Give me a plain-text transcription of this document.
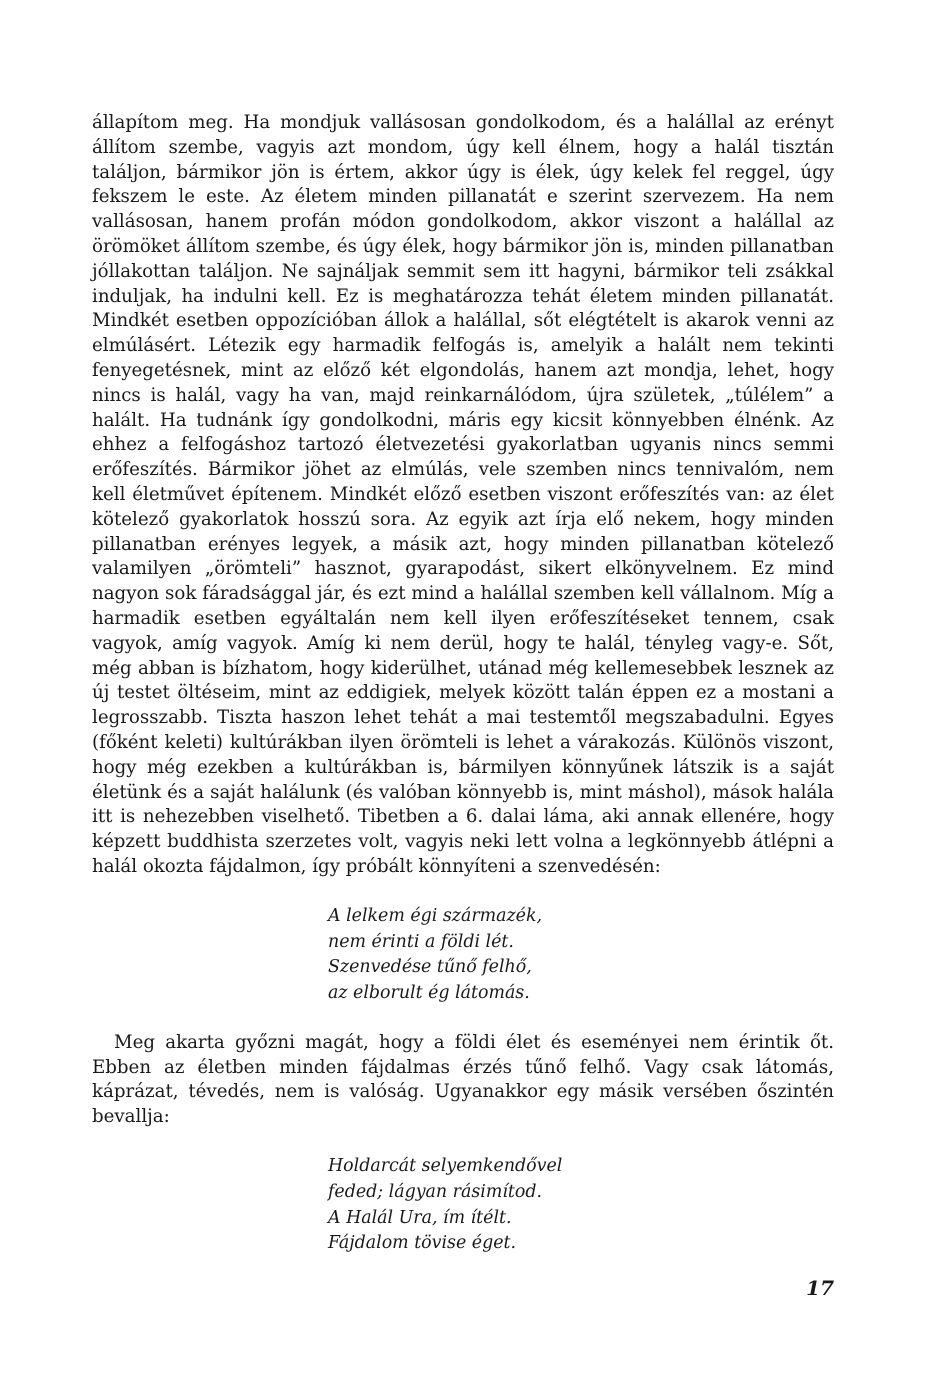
állapítom meg. Ha mondjuk vallásosan gondolkodom, és a halállal az erényt állítom szembe, vagyis azt mondom, úgy kell élnem, hogy a halál tisztán találjon, bármikor jön is értem, akkor úgy is élek, úgy kelek fel reggel, úgy fekszem le este. Az életem minden pillanatát e szerint szervezem. Ha nem vallásosan, hanem profán módon gondolkodom, akkor viszont a halállal az örömöket állítom szembe, és úgy élek, hogy bármikor jön is, minden pillanatban jóllakottan találjon. Ne sajnáljak semmit sem itt hagyni, bármikor teli zsákkal induljak, ha indulni kell. Ez is meghatározza tehát életem minden pillanatát. Mindkét esetben oppozícióban állok a halállal, sőt elégtételt is akarok venni az elmúlásért. Létezik egy harmadik felfogás is, amelyik a halált nem tekinti fenyegetésnek, mint az előző két elgondolás, hanem azt mondja, lehet, hogy nincs is halál, vagy ha van, majd reinkarnálódom, újra születek, „túlélem” a halált. Ha tudnánk így gondolkodni, máris egy kicsit könnyebben élnénk. Az ehhez a felfogáshoz tartozó életvezetési gyakorlatban ugyanis nincs semmi erőfeszítés. Bármikor jöhet az elmúlás, vele szemben nincs tennivalóm, nem kell életművet építenem. Mindkét előző esetben viszont erőfeszítés van: az élet kötelező gyakorlatok hosszú sora. Az egyik azt írja elő nekem, hogy minden pillanatban erényes legyek, a másik azt, hogy minden pillanatban kötelező valamilyen „örömteli” hasznot, gyarapodást, sikert elkönyvelnem. Ez mind nagyon sok fáradsággal jár, és ezt mind a halállal szemben kell vállalnom. Míg a harmadik esetben egyáltalán nem kell ilyen erőfeszítéseket tennem, csak vagyok, amíg vagyok. Amíg ki nem derül, hogy te halál, tényleg vagy-e. Sőt, még abban is bízhatom, hogy kiderülhet, utánad még kellemesebbek lesznek az új testet öltéseim, mint az eddigiek, melyek között talán éppen ez a mostani a legrosszabb. Tiszta haszon lehet tehát a mai testemtől megszabadulni. Egyes (főként keleti) kultúrákban ilyen örömteli is lehet a várakozás. Különös viszont, hogy még ezekben a kultúrákban is, bármilyen könnyűnek látszik is a saját életünk és a saját halálunk (és valóban könnyebb is, mint máshol), mások halála itt is nehezebben viselhető. Tibetben a 6. dalai láma, aki annak ellenére, hogy képzett buddhista szerzetes volt, vagyis neki lett volna a legkönnyebb átlépni a halál okozta fájdalmon, így próbált könnyíteni a szenvedésén:

A lelkem égi származék,
nem érinti a földi lét.
Szenvedése tűnő felhő,
az elborult ég látomás.

Meg akarta győzni magát, hogy a földi élet és eseményei nem érintik őt. Ebben az életben minden fájdalmas érzés tűnő felhő. Vagy csak látomás, káprázat, tévedés, nem is valóság. Ugyanakkor egy másik versében őszintén bevallja:

Holdarcát selyemkendővel
feded; lágyan rásimítod.
A Halál Ura, ím ítélt.
Fájdalom tövise éget.
17
